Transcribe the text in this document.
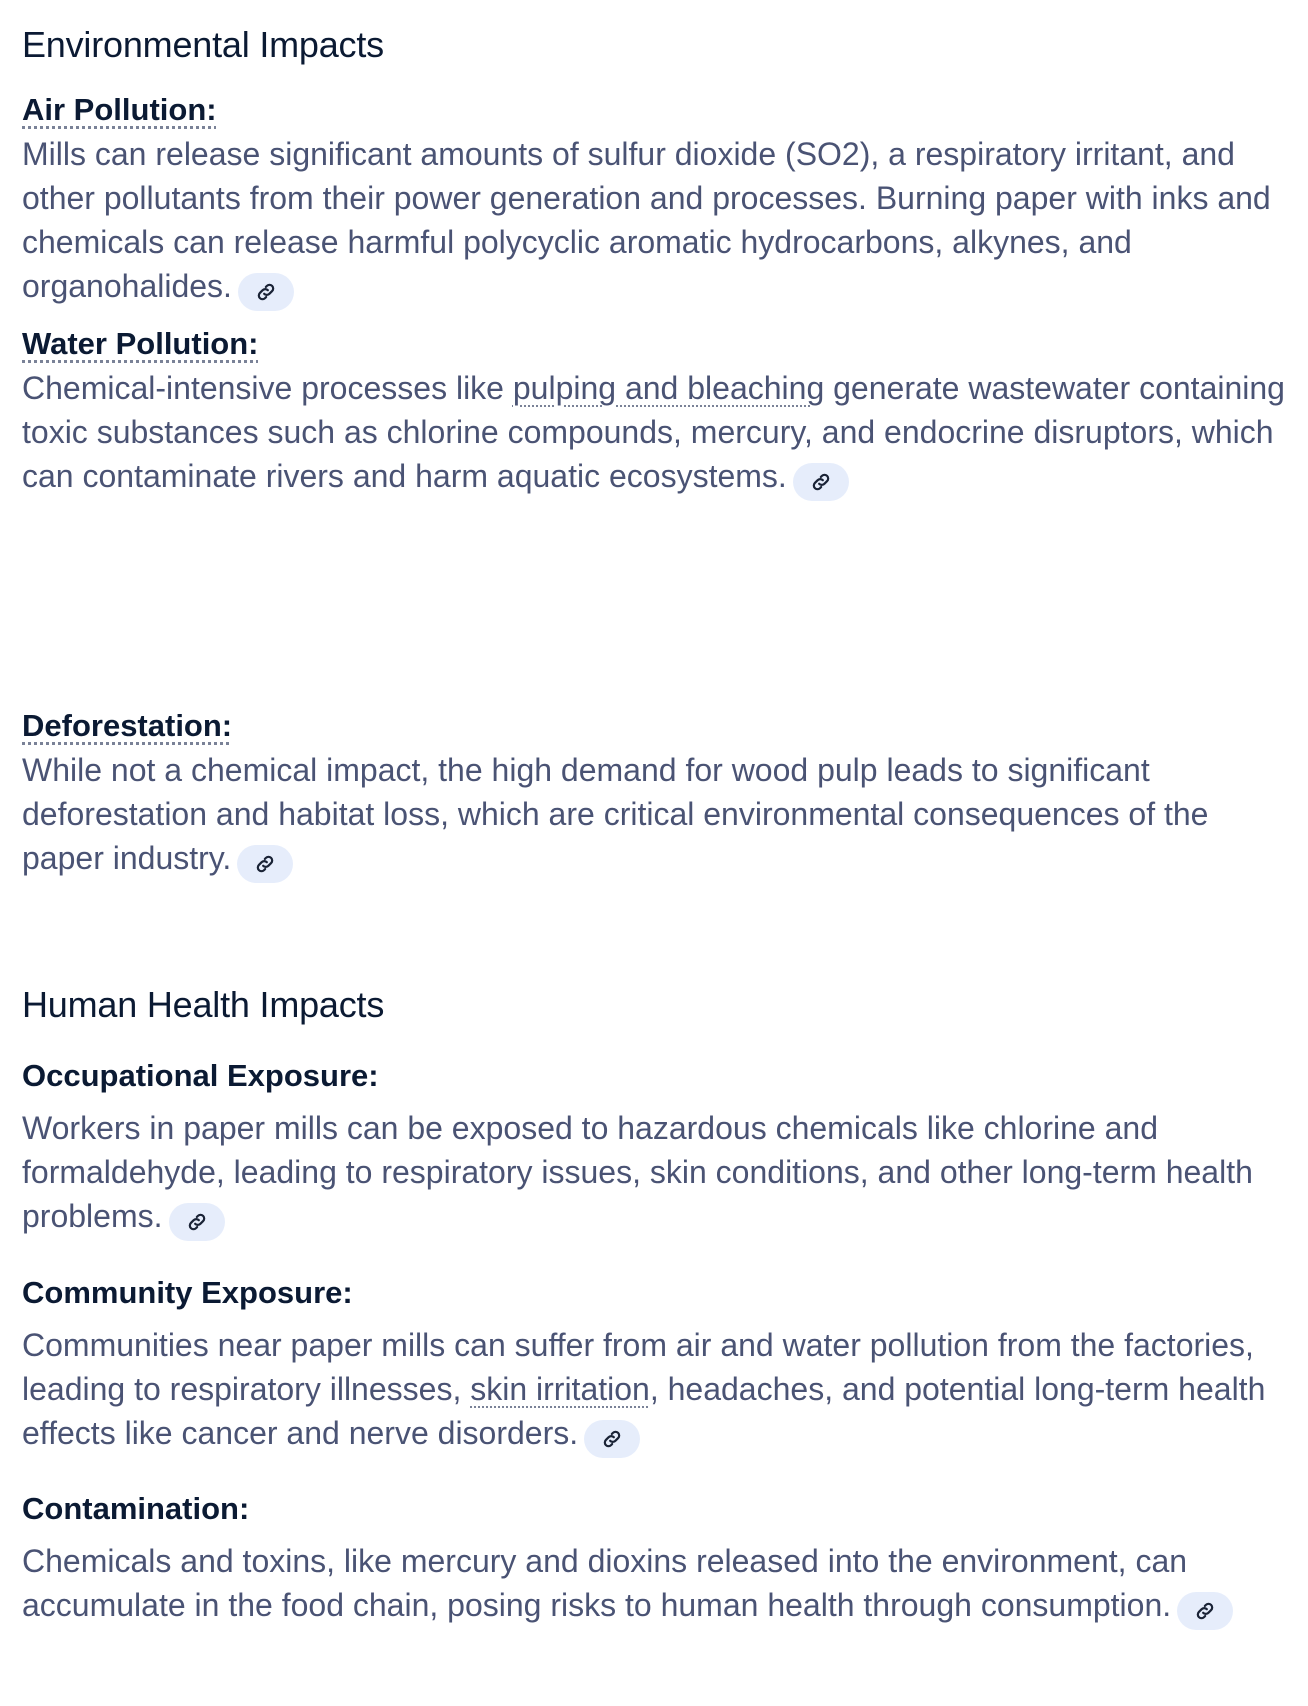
Environmental Impacts
Air Pollution:

Mills can release significant amounts of sulfur dioxide (SO2), a respiratory irritant, and other pollutants from their power generation and processes. Burning paper with inks and chemicals can release harmful polycyclic aromatic hydrocarbons, alkynes, and organohalides.

Water Pollution:

Chemical-intensive processes like pulping and bleaching generate wastewater containing toxic substances such as chlorine compounds, mercury, and endocrine disruptors, which can contaminate rivers and harm aquatic ecosystems.

Deforestation:

While not a chemical impact, the high demand for wood pulp leads to significant deforestation and habitat loss, which are critical environmental consequences of the paper industry.

Human Health Impacts
Occupational Exposure:

Workers in paper mills can be exposed to hazardous chemicals like chlorine and formaldehyde, leading to respiratory issues, skin conditions, and other long-term health problems.

Community Exposure:

Communities near paper mills can suffer from air and water pollution from the factories, leading to respiratory illnesses, skin irritation, headaches, and potential long-term health effects like cancer and nerve disorders.

Contamination:

Chemicals and toxins, like mercury and dioxins released into the environment, can accumulate in the food chain, posing risks to human health through consumption.
